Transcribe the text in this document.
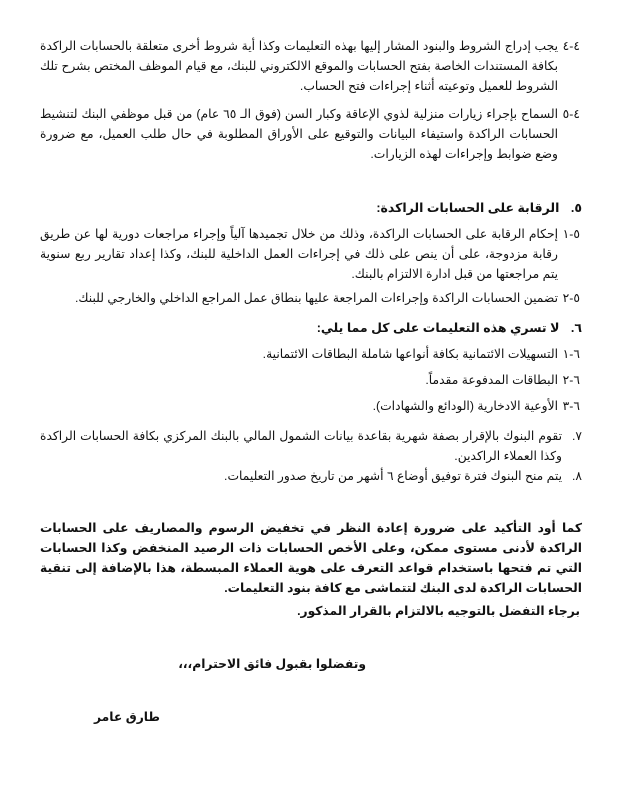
٤-٤
يجب إدراج الشروط والبنود المشار إليها بهذه التعليمات وكذا أية شروط أخرى متعلقة بالحسابات الراكدة بكافة المستندات الخاصة بفتح الحسابات والموقع الالكتروني للبنك، مع قيام الموظف المختص بشرح تلك الشروط للعميل وتوعيته أثناء إجراءات فتح الحساب.
٤-٥
السماح بإجراء زيارات منزلية لذوي الإعاقة وكبار السن (فوق الـ ٦٥ عام) من قبل موظفي البنك لتنشيط الحسابات الراكدة واستيفاء البيانات والتوقيع على الأوراق المطلوبة في حال طلب العميل، مع ضرورة وضع ضوابط وإجراءات لهذه الزيارات.
٥. الرقابة على الحسابات الراكدة:
٥-١
إحكام الرقابة على الحسابات الراكدة، وذلك من خلال تجميدها آلياً وإجراء مراجعات دورية لها عن طريق رقابة مزدوجة، على أن ينص على ذلك في إجراءات العمل الداخلية للبنك، وكذا إعداد تقارير ربع سنوية يتم مراجعتها من قبل ادارة الالتزام بالبنك.
٥-٢
تضمين الحسابات الراكدة وإجراءات المراجعة عليها بنطاق عمل المراجع الداخلي والخارجي للبنك.
٦. لا تسري هذه التعليمات على كل مما يلي:
٦-١
التسهيلات الائتمانية بكافة أنواعها شاملة البطاقات الائتمانية.
٦-٢
البطاقات المدفوعة مقدماً.
٦-٣
الأوعية الادخارية (الودائع والشهادات).
٧.
تقوم البنوك بالإقرار بصفة شهرية بقاعدة بيانات الشمول المالي بالبنك المركزي بكافة الحسابات الراكدة وكذا العملاء الراكدين.
٨.
يتم منح البنوك فترة توفيق أوضاع ٦ أشهر من تاريخ صدور التعليمات.
كما أود التأكيد على ضرورة إعادة النظر في تخفيض الرسوم والمصاريف على الحسابات الراكدة لأدنى مستوى ممكن، وعلى الأخص الحسابات ذات الرصيد المنخفض وكذا الحسابات التي تم فتحها باستخدام قواعد التعرف على هوية العملاء المبسطة، هذا بالإضافة إلى تنقية الحسابات الراكدة لدى البنك لتتماشى مع كافة بنود التعليمات.
برجاء التفضل بالتوجيه بالالتزام بالقرار المذكور.
وتفضلوا بقبول فائق الاحترام،،،
طارق عامر
